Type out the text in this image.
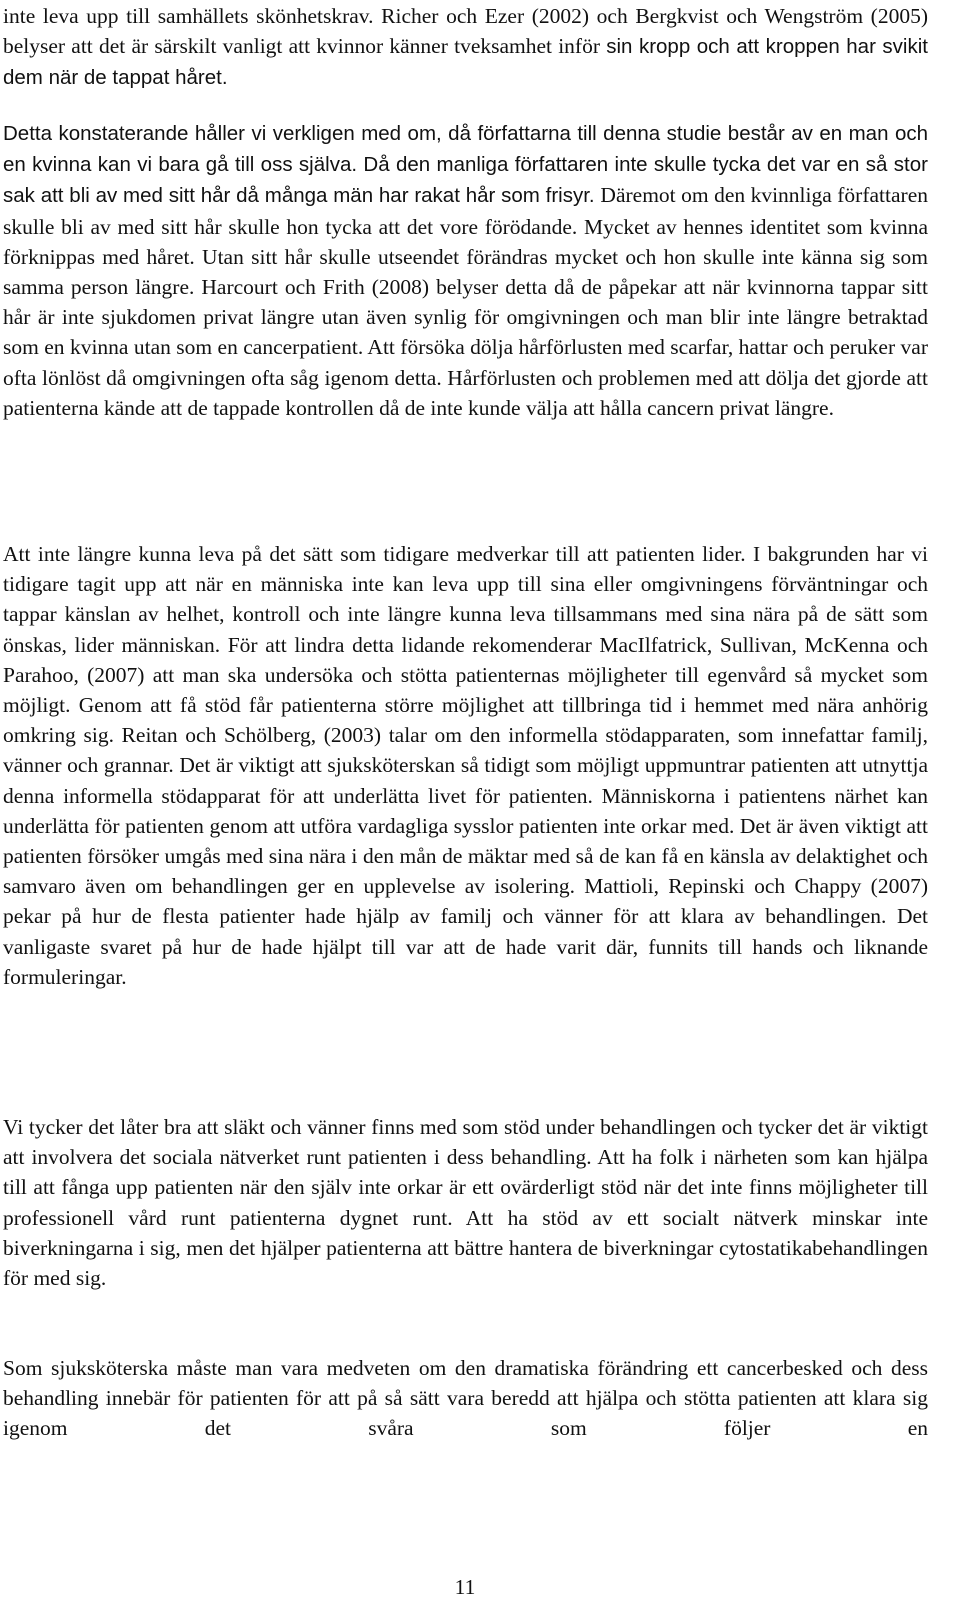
inte leva upp till samhällets skönhetskrav. Richer och Ezer (2002) och Bergkvist och Wengström (2005) belyser att det är särskilt vanligt att kvinnor känner tveksamhet inför sin kropp och att kroppen har svikit dem när de tappat håret.

Detta konstaterande håller vi verkligen med om, då författarna till denna studie består av en man och en kvinna kan vi bara gå till oss själva. Då den manliga författaren inte skulle tycka det var en så stor sak att bli av med sitt hår då många män har rakat hår som frisyr. Däremot om den kvinnliga författaren skulle bli av med sitt hår skulle hon tycka att det vore förödande. Mycket av hennes identitet som kvinna förknippas med håret. Utan sitt hår skulle utseendet förändras mycket och hon skulle inte känna sig som samma person längre. Harcourt och Frith (2008) belyser detta då de påpekar att när kvinnorna tappar sitt hår är inte sjukdomen privat längre utan även synlig för omgivningen och man blir inte längre betraktad som en kvinna utan som en cancerpatient. Att försöka dölja hårförlusten med scarfar, hattar och peruker var ofta lönlöst då omgivningen ofta såg igenom detta. Hårförlusten och problemen med att dölja det gjorde att patienterna kände att de tappade kontrollen då de inte kunde välja att hålla cancern privat längre.

Att inte längre kunna leva på det sätt som tidigare medverkar till att patienten lider. I bakgrunden har vi tidigare tagit upp att när en människa inte kan leva upp till sina eller omgivningens förväntningar och tappar känslan av helhet, kontroll och inte längre kunna leva tillsammans med sina nära på de sätt som önskas, lider människan. För att lindra detta lidande rekomenderar MacIlfatrick, Sullivan, McKenna och Parahoo, (2007) att man ska undersöka och stötta patienternas möjligheter till egenvård så mycket som möjligt. Genom att få stöd får patienterna större möjlighet att tillbringa tid i hemmet med nära anhörig omkring sig. Reitan och Schölberg, (2003) talar om den informella stödapparaten, som innefattar familj, vänner och grannar. Det är viktigt att sjuksköterskan så tidigt som möjligt uppmuntrar patienten att utnyttja denna informella stödapparat för att underlätta livet för patienten. Människorna i patientens närhet kan underlätta för patienten genom att utföra vardagliga sysslor patienten inte orkar med. Det är även viktigt att patienten försöker umgås med sina nära i den mån de mäktar med så de kan få en känsla av delaktighet och samvaro även om behandlingen ger en upplevelse av isolering. Mattioli, Repinski och Chappy (2007) pekar på hur de flesta patienter hade hjälp av familj och vänner för att klara av behandlingen. Det vanligaste svaret på hur de hade hjälpt till var att de hade varit där, funnits till hands och liknande formuleringar.

Vi tycker det låter bra att släkt och vänner finns med som stöd under behandlingen och tycker det är viktigt att involvera det sociala nätverket runt patienten i dess behandling. Att ha folk i närheten som kan hjälpa till att fånga upp patienten när den själv inte orkar är ett ovärderligt stöd när det inte finns möjligheter till professionell vård runt patienterna dygnet runt. Att ha stöd av ett socialt nätverk minskar inte biverkningarna i sig, men det hjälper patienterna att bättre hantera de biverkningar cytostatikabehandlingen för med sig.

Som sjuksköterska måste man vara medveten om den dramatiska förändring ett cancerbesked och dess behandling innebär för patienten för att på så sätt vara beredd att hjälpa och stötta patienten att klara sig igenom det svåra som följer en

11
